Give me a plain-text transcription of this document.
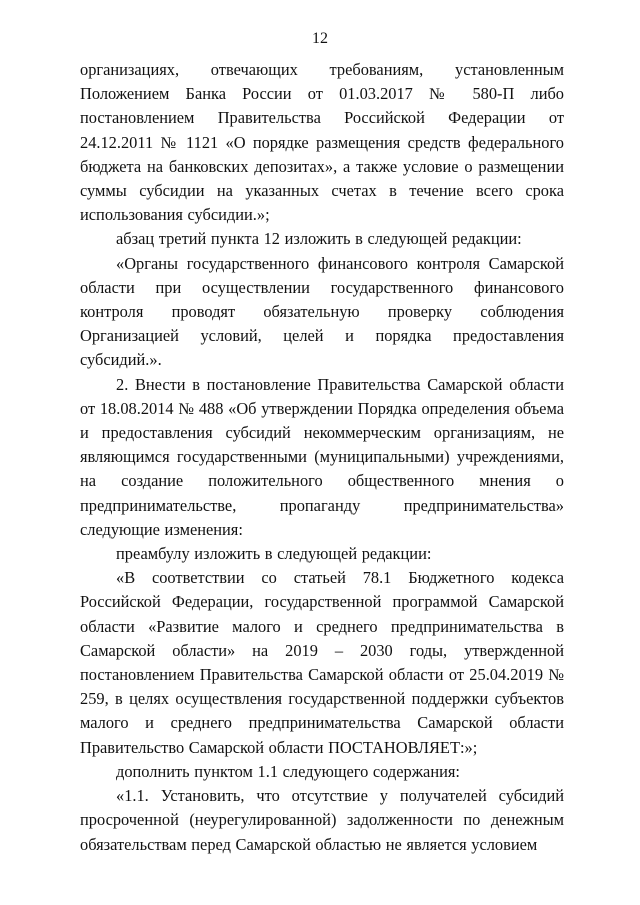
12

организациях, отвечающих требованиям, установленным Положением Банка России от 01.03.2017 № 580-П либо постановлением Правительства Российской Федерации от 24.12.2011 № 1121 «О порядке размещения средств федерального бюджета на банковских депозитах», а также условие о размещении суммы субсидии на указанных счетах в течение всего срока использования субсидии.»;

абзац третий пункта 12 изложить в следующей редакции:

«Органы государственного финансового контроля Самарской области при осуществлении государственного финансового контроля проводят обязательную проверку соблюдения Организацией условий, целей и порядка предоставления субсидий.».

2. Внести в постановление Правительства Самарской области от 18.08.2014 № 488 «Об утверждении Порядка определения объема и предоставления субсидий некоммерческим организациям, не являющимся государственными (муниципальными) учреждениями, на создание положительного общественного мнения о предпринимательстве, пропаганду предпринимательства» следующие изменения:

преамбулу изложить в следующей редакции:

«В соответствии со статьей 78.1 Бюджетного кодекса Российской Федерации, государственной программой Самарской области «Развитие малого и среднего предпринимательства в Самарской области» на 2019 – 2030 годы, утвержденной постановлением Правительства Самарской области от 25.04.2019 № 259, в целях осуществления государственной поддержки субъектов малого и среднего предпринимательства Самарской области Правительство Самарской области ПОСТАНОВЛЯЕТ:»;

дополнить пунктом 1.1 следующего содержания:

«1.1. Установить, что отсутствие у получателей субсидий просроченной (неурегулированной) задолженности по денежным обязательствам перед Самарской областью не является условием
